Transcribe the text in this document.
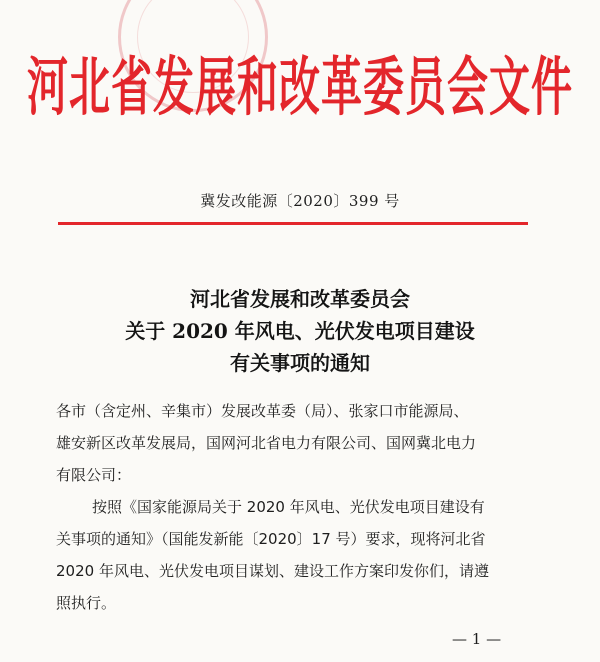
河北省发展和改革委员会文件
冀发改能源〔2020〕399 号
河北省发展和改革委员会
关于 2020 年风电、光伏发电项目建设
有关事项的通知
各市（含定州、辛集市）发展改革委（局）、张家口市能源局、
雄安新区改革发展局，国网河北省电力有限公司、国网冀北电力
有限公司：
按照《国家能源局关于 2020 年风电、光伏发电项目建设有
关事项的通知》（国能发新能〔2020〕17 号）要求，现将河北省
2020 年风电、光伏发电项目谋划、建设工作方案印发你们，请遵
照执行。
— 1 —
